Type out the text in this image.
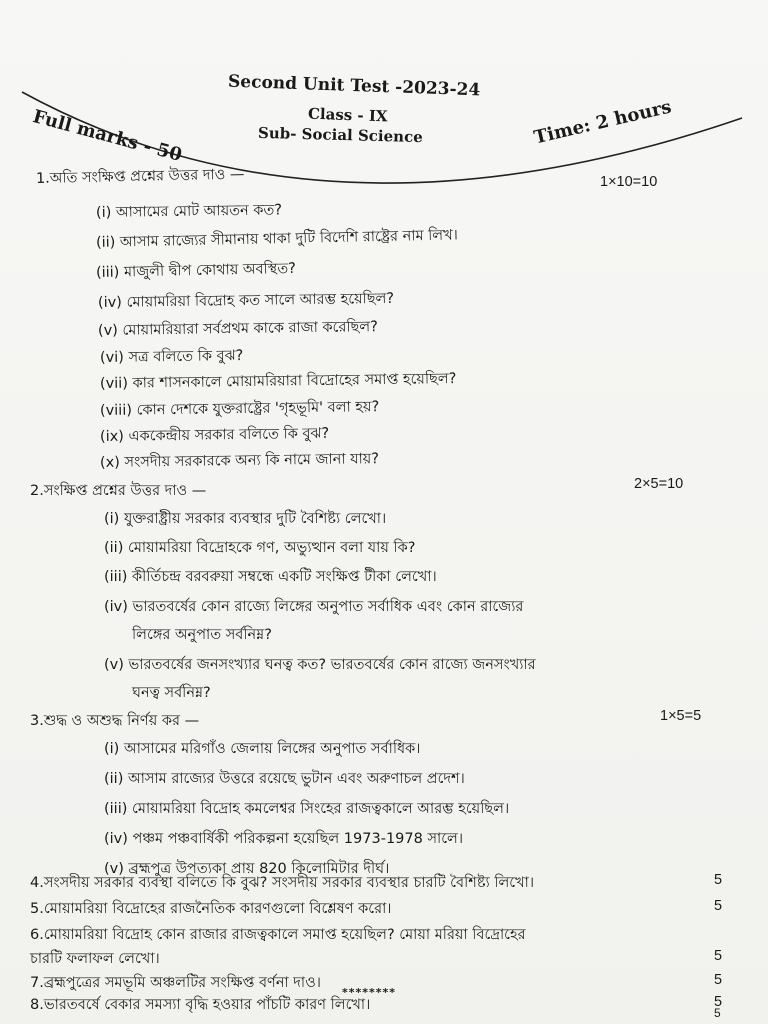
Second Unit Test -2023-24
Class - IX
Sub- Social Science
Full marks - 50	Time: 2 hours
1.অতি সংক্ষিপ্ত প্রশ্নের উত্তর দাও —	1×10=10
(i) আসামের মোট আয়তন কত?
(ii) আসাম রাজ্যের সীমানায় থাকা দুটি বিদেশি রাষ্ট্রের নাম লিখ।
(iii) মাজুলী দ্বীপ কোথায় অবস্থিত?
(iv) মোয়ামরিয়া বিদ্রোহ কত সালে আরম্ভ হয়েছিল?
(v) মোয়ামরিয়ারা সর্বপ্রথম কাকে রাজা করেছিল?
(vi) সত্র বলিতে কি বুঝ?
(vii) কার শাসনকালে মোয়ামরিয়ারা বিদ্রোহের সমাপ্ত হয়েছিল?
(viii) কোন দেশকে যুক্তরাষ্ট্রের 'গৃহভূমি' বলা হয়?
(ix) এককেন্দ্রীয় সরকার বলিতে কি বুঝ?
(x) সংসদীয় সরকারকে অন্য কি নামে জানা যায়?
2.সংক্ষিপ্ত প্রশ্নের উত্তর দাও —	2×5=10
(i) যুক্তরাষ্ট্রীয় সরকার ব্যবস্থার দুটি বৈশিষ্ট্য লেখো।
(ii) মোয়ামরিয়া বিদ্রোহকে গণ, অভ্যুত্থান বলা যায় কি?
(iii) কীর্তিচন্দ্র বরবরুয়া সম্বন্ধে একটি সংক্ষিপ্ত টীকা লেখো।
(iv) ভারতবর্ষের কোন রাজ্যে লিঙ্গের অনুপাত সর্বাধিক এবং কোন রাজ্যের
লিঙ্গের অনুপাত সর্বনিম্ন?
(v) ভারতবর্ষের জনসংখ্যার ঘনত্ব কত? ভারতবর্ষের কোন রাজ্যে জনসংখ্যার
ঘনত্ব সর্বনিম্ন?
3.শুদ্ধ ও অশুদ্ধ নির্ণয় কর —	1×5=5
(i) আসামের মরিগাঁও জেলায় লিঙ্গের অনুপাত সর্বাধিক।
(ii) আসাম রাজ্যের উত্তরে রয়েছে ভুটান এবং অরুণাচল প্রদেশ।
(iii) মোয়ামরিয়া বিদ্রোহ কমলেশ্বর সিংহের রাজত্বকালে আরম্ভ হয়েছিল।
(iv) পঞ্চম পঞ্চবার্ষিকী পরিকল্পনা হয়েছিল 1973-1978 সালে।
(v) ব্রহ্মপুত্র উপত্যকা প্রায় 820 কিলোমিটার দীর্ঘ।
4.সংসদীয় সরকার ব্যবস্থা বলিতে কি বুঝ? সংসদীয় সরকার ব্যবস্থার চারটি বৈশিষ্ট্য লিখো।	5
5.মোয়ামরিয়া বিদ্রোহের রাজনৈতিক কারণগুলো বিশ্লেষণ করো।	5
6.মোয়ামরিয়া বিদ্রোহ কোন রাজার রাজত্বকালে সমাপ্ত হয়েছিল? মোয়া মরিয়া বিদ্রোহের
চারটি ফলাফল লেখো।	5
7.ব্রহ্মপুত্রের সমভূমি অঞ্চলটির সংক্ষিপ্ত বর্ণনা দাও।	5
8.ভারতবর্ষে বেকার সমস্যা বৃদ্ধি হওয়ার পাঁচটি কারণ লিখো।	5
********
5
